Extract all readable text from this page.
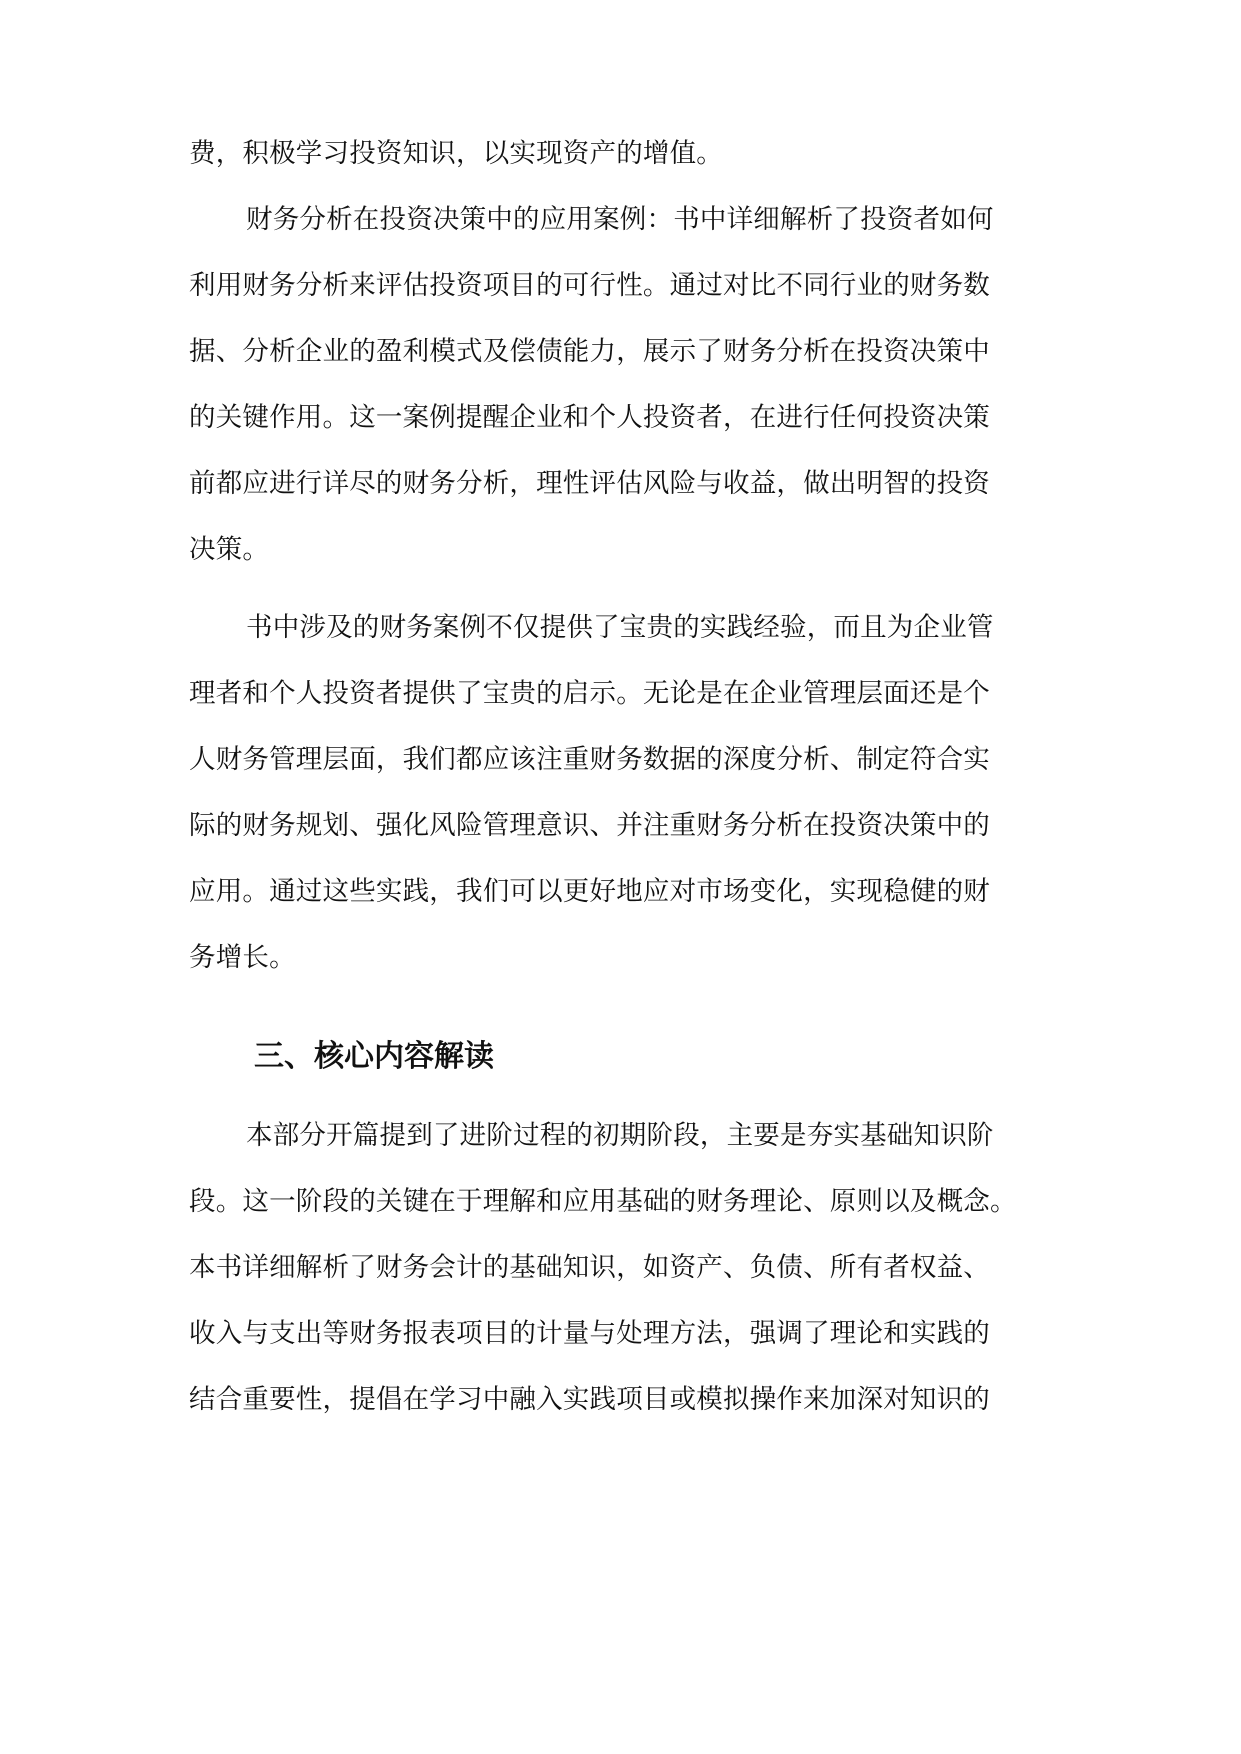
费，积极学习投资知识，以实现资产的增值。
财务分析在投资决策中的应用案例：书中详细解析了投资者如何
利用财务分析来评估投资项目的可行性。通过对比不同行业的财务数
据、分析企业的盈利模式及偿债能力，展示了财务分析在投资决策中
的关键作用。这一案例提醒企业和个人投资者，在进行任何投资决策
前都应进行详尽的财务分析，理性评估风险与收益，做出明智的投资
决策。
书中涉及的财务案例不仅提供了宝贵的实践经验，而且为企业管
理者和个人投资者提供了宝贵的启示。无论是在企业管理层面还是个
人财务管理层面，我们都应该注重财务数据的深度分析、制定符合实
际的财务规划、强化风险管理意识、并注重财务分析在投资决策中的
应用。通过这些实践，我们可以更好地应对市场变化，实现稳健的财
务增长。
三、核心内容解读
本部分开篇提到了进阶过程的初期阶段，主要是夯实基础知识阶
段。这一阶段的关键在于理解和应用基础的财务理论、原则以及概念。
本书详细解析了财务会计的基础知识，如资产、负债、所有者权益、
收入与支出等财务报表项目的计量与处理方法，强调了理论和实践的
结合重要性，提倡在学习中融入实践项目或模拟操作来加深对知识的
